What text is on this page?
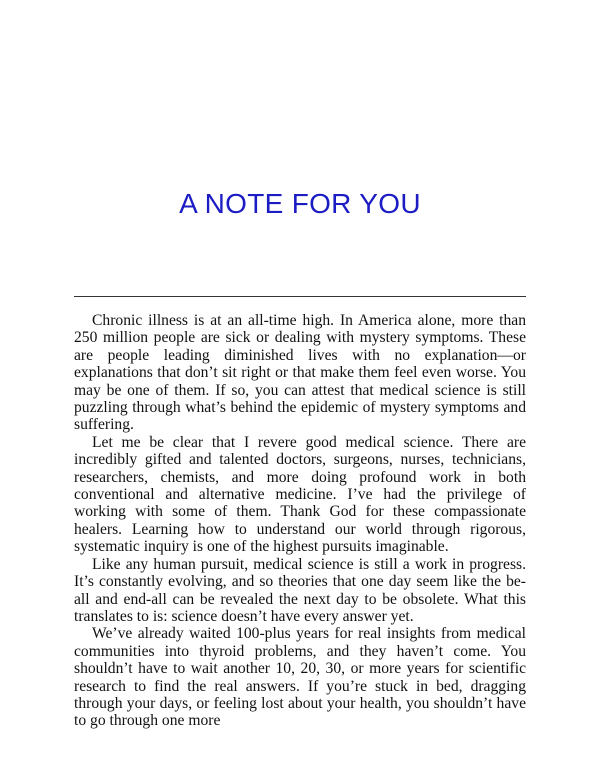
A NOTE FOR YOU

Chronic illness is at an all-time high. In America alone, more than 250 million people are sick or dealing with mystery symptoms. These are people leading diminished lives with no explanation—or explanations that don’t sit right or that make them feel even worse. You may be one of them. If so, you can attest that medical science is still puzzling through what’s behind the epidemic of mystery symptoms and suffering.

Let me be clear that I revere good medical science. There are incredibly gifted and talented doctors, surgeons, nurses, technicians, researchers, chemists, and more doing profound work in both conventional and alternative medicine. I’ve had the privilege of working with some of them. Thank God for these compassionate healers. Learning how to understand our world through rigorous, systematic inquiry is one of the highest pursuits imaginable.

Like any human pursuit, medical science is still a work in progress. It’s constantly evolving, and so theories that one day seem like the be-all and end-all can be revealed the next day to be obsolete. What this translates to is: science doesn’t have every answer yet.

We’ve already waited 100-plus years for real insights from medical communities into thyroid problems, and they haven’t come. You shouldn’t have to wait another 10, 20, 30, or more years for scientific research to find the real answers. If you’re stuck in bed, dragging through your days, or feeling lost about your health, you shouldn’t have to go through one more
